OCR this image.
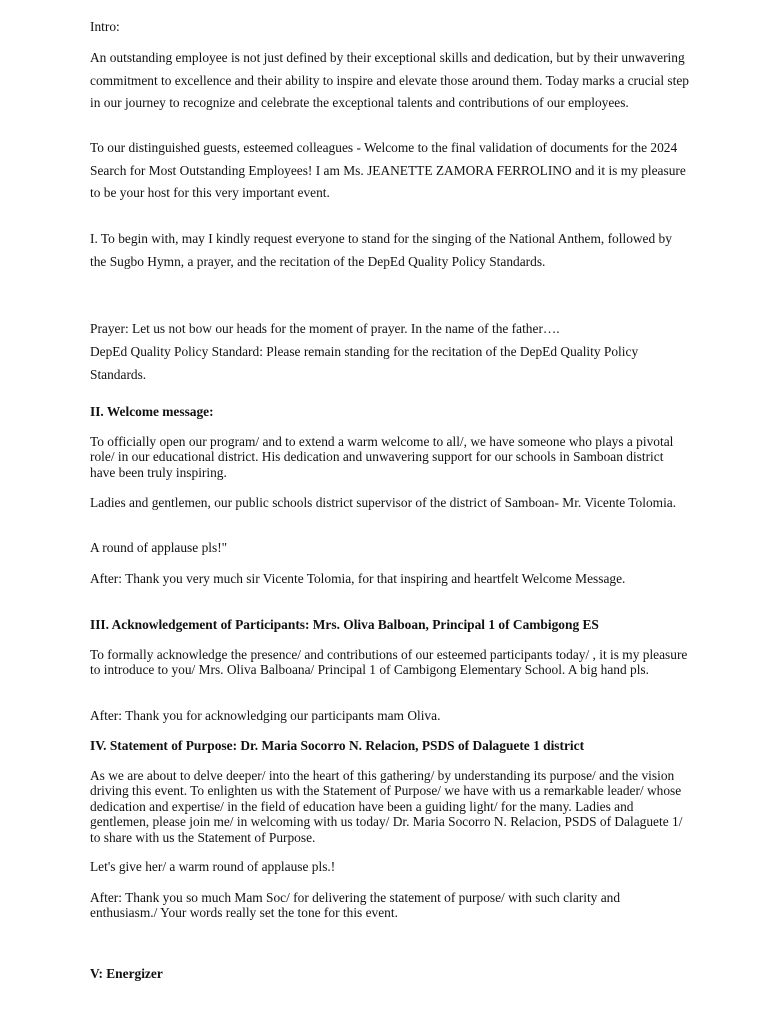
Intro:

An outstanding employee is not just defined by their exceptional skills and dedication, but by their unwavering commitment to excellence and their ability to inspire and elevate those around them. Today marks a crucial step in our journey to recognize and celebrate the exceptional talents and contributions of our employees.

To our distinguished guests, esteemed colleagues - Welcome to the final validation of documents for the 2024 Search for Most Outstanding Employees! I am Ms. JEANETTE ZAMORA FERROLINO and it is my pleasure to be your host for this very important event.

I. To begin with, may I kindly request everyone to stand for the singing of the National Anthem, followed by the Sugbo Hymn, a prayer, and the recitation of the DepEd Quality Policy Standards.

Prayer: Let us not bow our heads for the moment of prayer. In the name of the father….

DepEd Quality Policy Standard: Please remain standing for the recitation of the DepEd Quality Policy Standards.

II. Welcome message:

To officially open our program/ and to extend a warm welcome to all/, we have someone who plays a pivotal role/ in our educational district. His dedication and unwavering support for our schools in Samboan district have been truly inspiring.

Ladies and gentlemen, our public schools district supervisor of the district of Samboan- Mr. Vicente Tolomia.

A round of applause pls!"

After: Thank you very much sir Vicente Tolomia, for that inspiring and heartfelt Welcome Message.

III. Acknowledgement of Participants: Mrs. Oliva Balboan, Principal 1 of Cambigong ES

To formally acknowledge the presence/ and contributions of our esteemed participants today/ , it is my pleasure to introduce to you/ Mrs. Oliva Balboana/ Principal 1 of Cambigong Elementary School. A big hand pls.

After: Thank you for acknowledging our participants mam Oliva.

IV. Statement of Purpose: Dr. Maria Socorro N. Relacion, PSDS of Dalaguete 1 district

As we are about to delve deeper/ into the heart of this gathering/ by understanding its purpose/ and the vision driving this event. To enlighten us with the Statement of Purpose/ we have with us a remarkable leader/ whose dedication and expertise/ in the field of education have been a guiding light/ for the many. Ladies and gentlemen, please join me/ in welcoming with us today/ Dr. Maria Socorro N. Relacion, PSDS of Dalaguete 1/ to share with us the Statement of Purpose.

Let's give her/ a warm round of applause pls.!

After: Thank you so much Mam Soc/ for delivering the statement of purpose/ with such clarity and enthusiasm./ Your words really set the tone for this event.

V: Energizer
